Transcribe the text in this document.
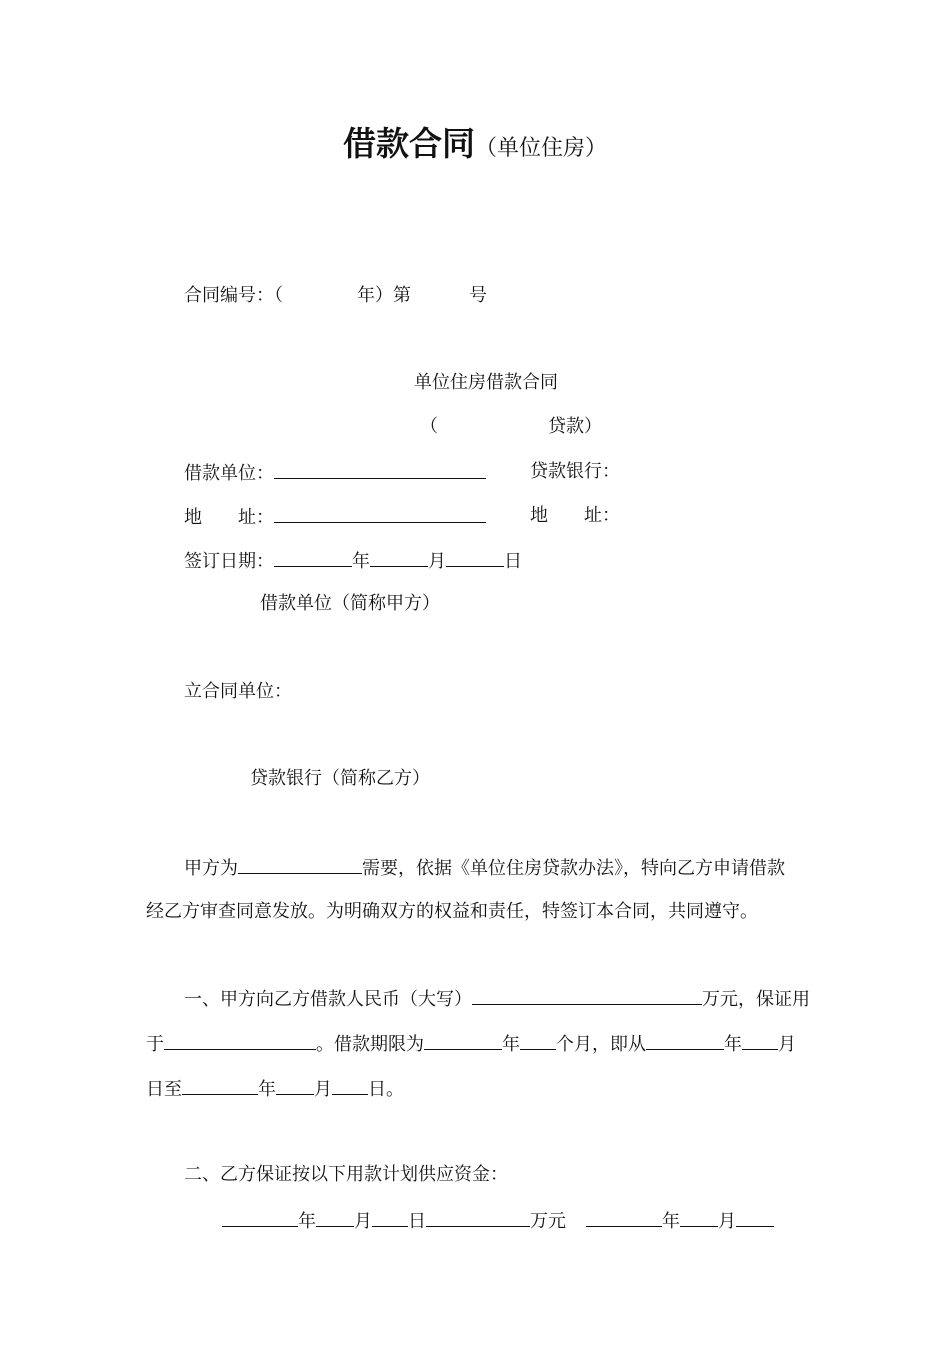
借款合同（单位住房）
合同编号：（	年）第	号
单位住房借款合同
（	贷款）
借款单位：	贷款银行：
地　　址：	地　　址：
签订日期：	年	月	日
借款单位（简称甲方）
立合同单位：
贷款银行（简称乙方）
甲方为	需要，依据《单位住房贷款办法》，特向乙方申请借款
经乙方审查同意发放。为明确双方的权益和责任，特签订本合同，共同遵守。
一、甲方向乙方借款人民币（大写）	万元，保证用
于	。借款期限为	年 个月，即从	年 月
日至	年 月 日。
二、乙方保证按以下用款计划供应资金：
年 月 日	万元	年 月
